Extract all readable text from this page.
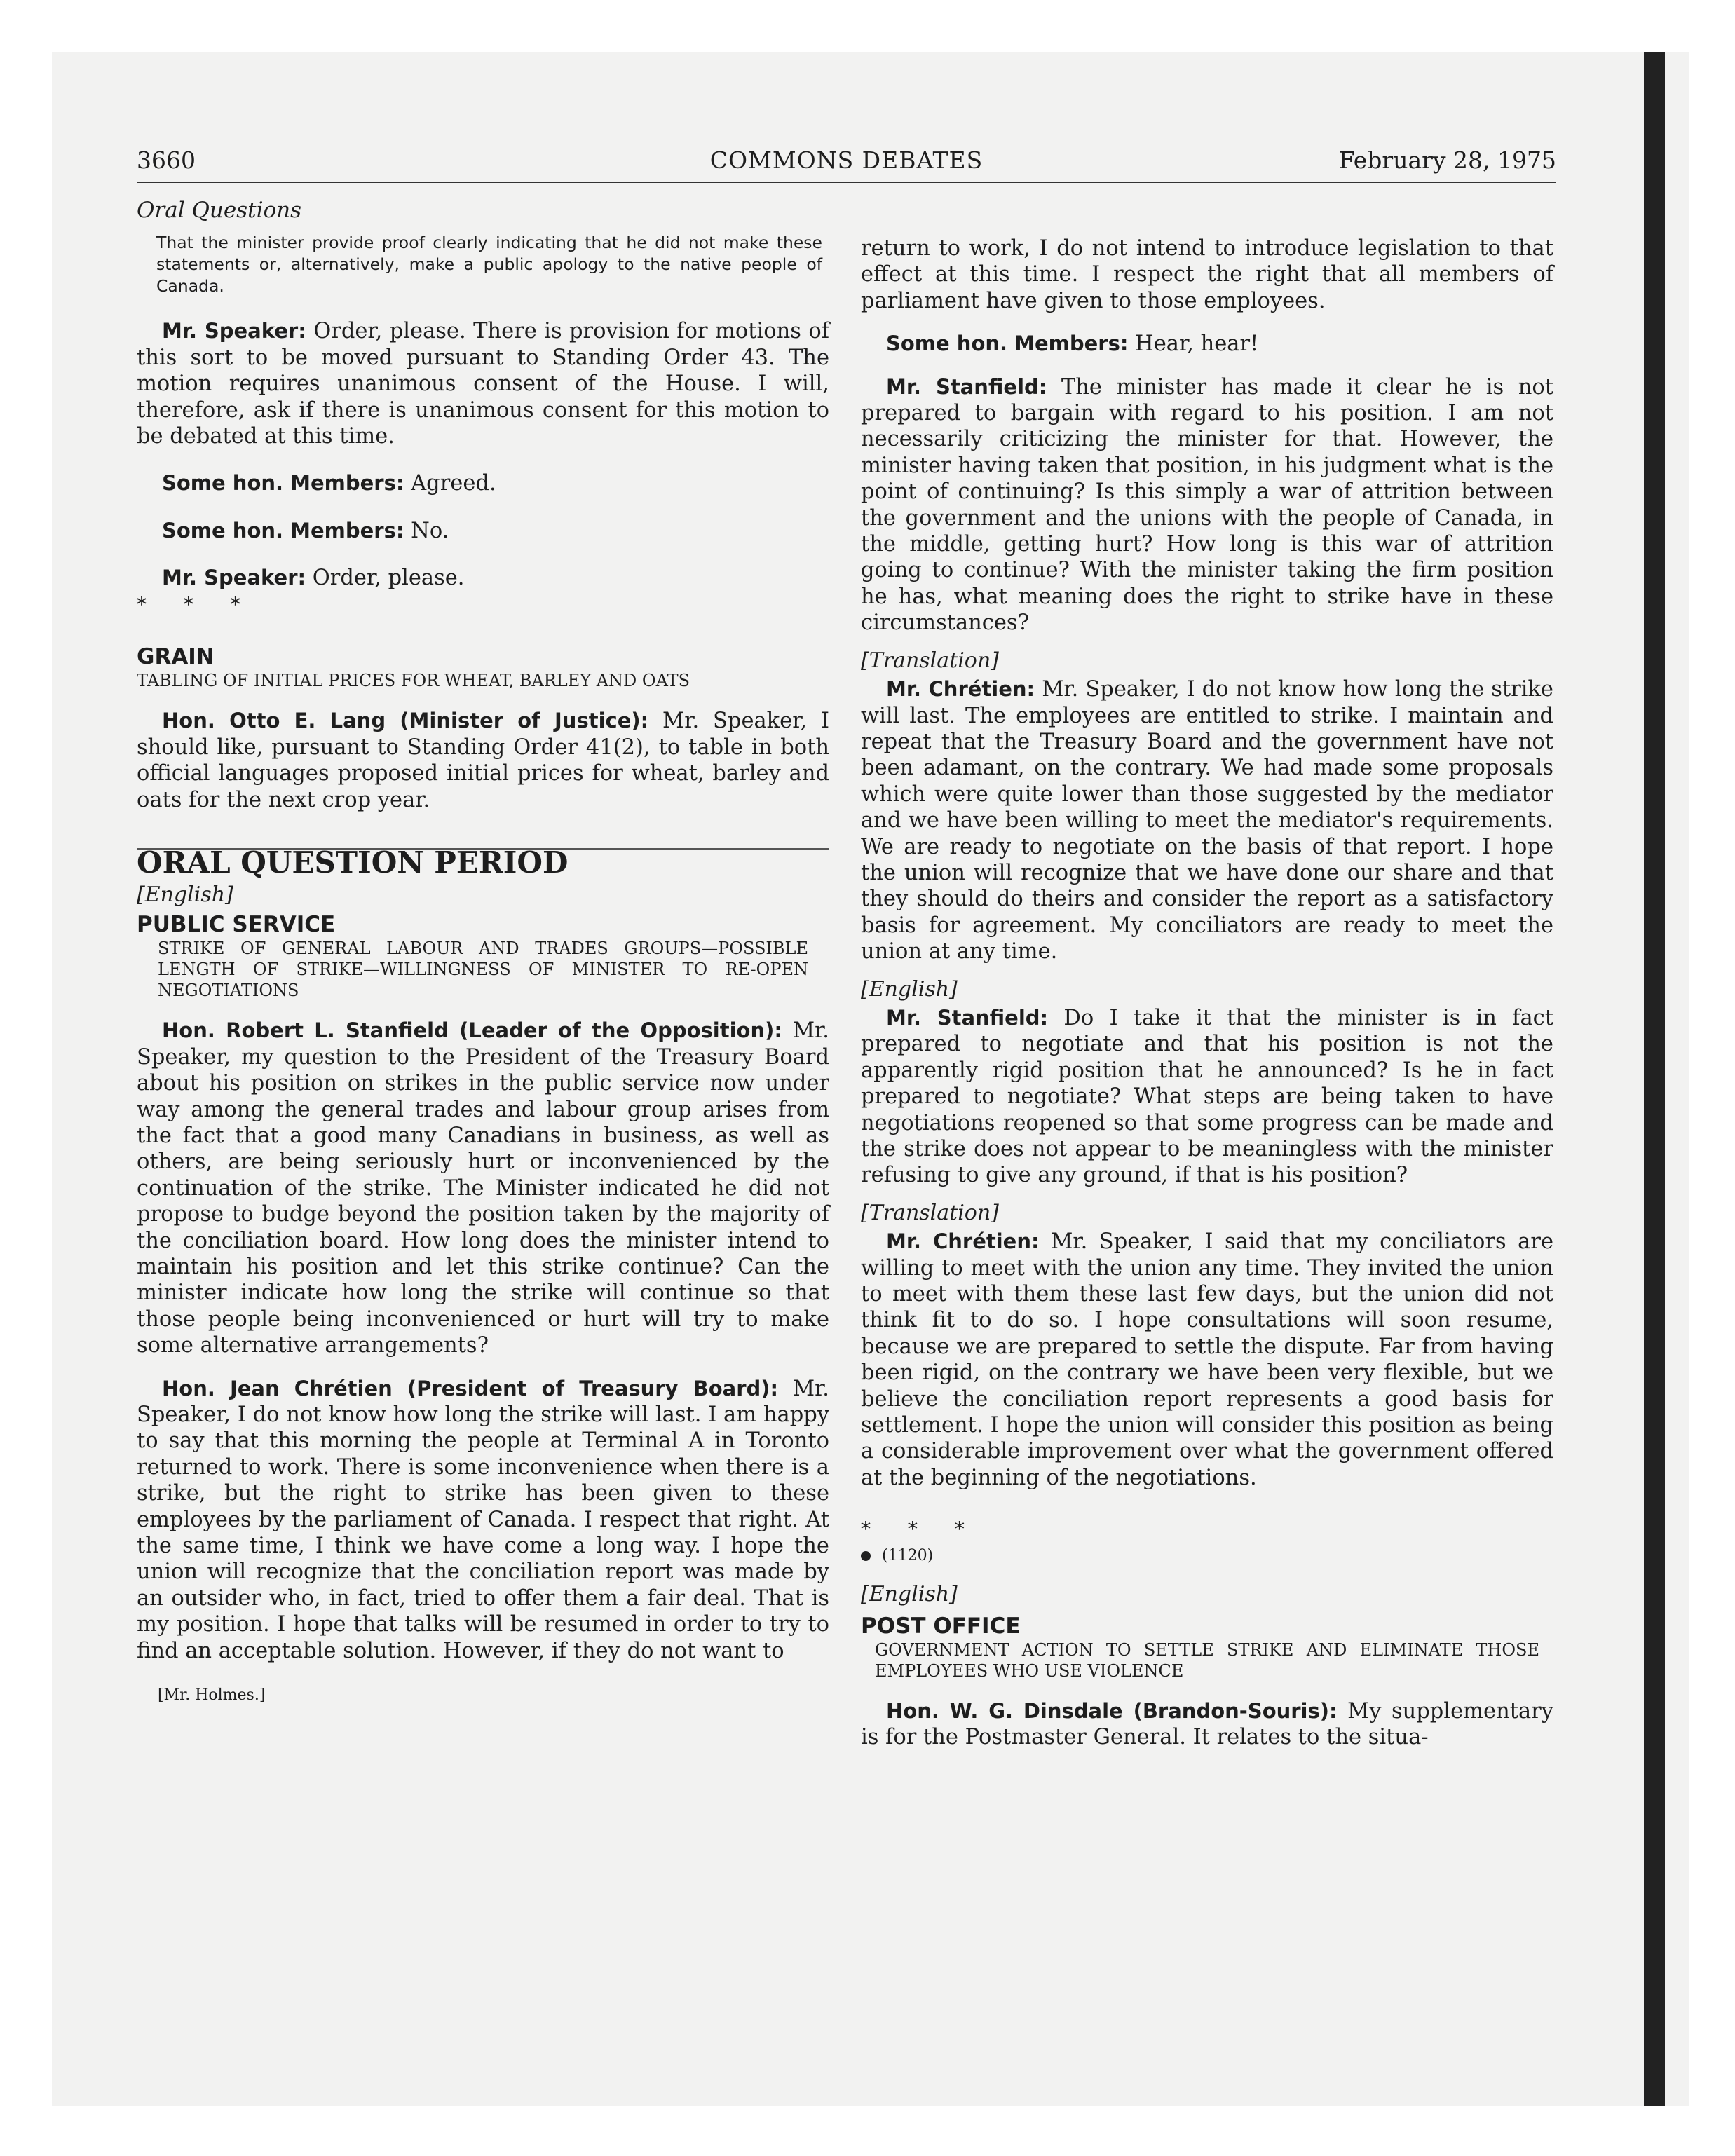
3660	COMMONS DEBATES	February 28, 1975

Oral Questions

That the minister provide proof clearly indicating that he did not make these statements or, alternatively, make a public apology to the native people of Canada.

Mr. Speaker: Order, please. There is provision for motions of this sort to be moved pursuant to Standing Order 43. The motion requires unanimous consent of the House. I will, therefore, ask if there is unanimous consent for this motion to be debated at this time.

Some hon. Members: Agreed.

Some hon. Members: No.

Mr. Speaker: Order, please.

* * *

GRAIN

TABLING OF INITIAL PRICES FOR WHEAT, BARLEY AND OATS

Hon. Otto E. Lang (Minister of Justice): Mr. Speaker, I should like, pursuant to Standing Order 41(2), to table in both official languages proposed initial prices for wheat, barley and oats for the next crop year.

ORAL QUESTION PERIOD

[English]

PUBLIC SERVICE

STRIKE OF GENERAL LABOUR AND TRADES GROUPS—POSSIBLE LENGTH OF STRIKE—WILLINGNESS OF MINISTER TO RE-OPEN NEGOTIATIONS

Hon. Robert L. Stanfield (Leader of the Opposition): Mr. Speaker, my question to the President of the Treasury Board about his position on strikes in the public service now under way among the general trades and labour group arises from the fact that a good many Canadians in business, as well as others, are being seriously hurt or inconvenienced by the continuation of the strike. The Minister indicated he did not propose to budge beyond the position taken by the majority of the conciliation board. How long does the minister intend to maintain his position and let this strike continue? Can the minister indicate how long the strike will continue so that those people being inconvenienced or hurt will try to make some alternative arrangements?

Hon. Jean Chrétien (President of Treasury Board): Mr. Speaker, I do not know how long the strike will last. I am happy to say that this morning the people at Terminal A in Toronto returned to work. There is some inconvenience when there is a strike, but the right to strike has been given to these employees by the parliament of Canada. I respect that right. At the same time, I think we have come a long way. I hope the union will recognize that the conciliation report was made by an outsider who, in fact, tried to offer them a fair deal. That is my position. I hope that talks will be resumed in order to try to find an acceptable solution. However, if they do not want to

[Mr. Holmes.]

return to work, I do not intend to introduce legislation to that effect at this time. I respect the right that all members of parliament have given to those employees.

Some hon. Members: Hear, hear!

Mr. Stanfield: The minister has made it clear he is not prepared to bargain with regard to his position. I am not necessarily criticizing the minister for that. However, the minister having taken that position, in his judgment what is the point of continuing? Is this simply a war of attrition between the government and the unions with the people of Canada, in the middle, getting hurt? How long is this war of attrition going to continue? With the minister taking the firm position he has, what meaning does the right to strike have in these circumstances?

[Translation]

Mr. Chrétien: Mr. Speaker, I do not know how long the strike will last. The employees are entitled to strike. I maintain and repeat that the Treasury Board and the government have not been adamant, on the contrary. We had made some proposals which were quite lower than those suggested by the mediator and we have been willing to meet the mediator's requirements. We are ready to negotiate on the basis of that report. I hope the union will recognize that we have done our share and that they should do theirs and consider the report as a satisfactory basis for agreement. My conciliators are ready to meet the union at any time.

[English]

Mr. Stanfield: Do I take it that the minister is in fact prepared to negotiate and that his position is not the apparently rigid position that he announced? Is he in fact prepared to negotiate? What steps are being taken to have negotiations reopened so that some progress can be made and the strike does not appear to be meaningless with the minister refusing to give any ground, if that is his position?

[Translation]

Mr. Chrétien: Mr. Speaker, I said that my conciliators are willing to meet with the union any time. They invited the union to meet with them these last few days, but the union did not think fit to do so. I hope consultations will soon resume, because we are prepared to settle the dispute. Far from having been rigid, on the contrary we have been very flexible, but we believe the conciliation report represents a good basis for settlement. I hope the union will consider this position as being a considerable improvement over what the government offered at the beginning of the negotiations.

* * *

(1120)

[English]

POST OFFICE

GOVERNMENT ACTION TO SETTLE STRIKE AND ELIMINATE THOSE EMPLOYEES WHO USE VIOLENCE

Hon. W. G. Dinsdale (Brandon-Souris): My supplementary is for the Postmaster General. It relates to the situa-
